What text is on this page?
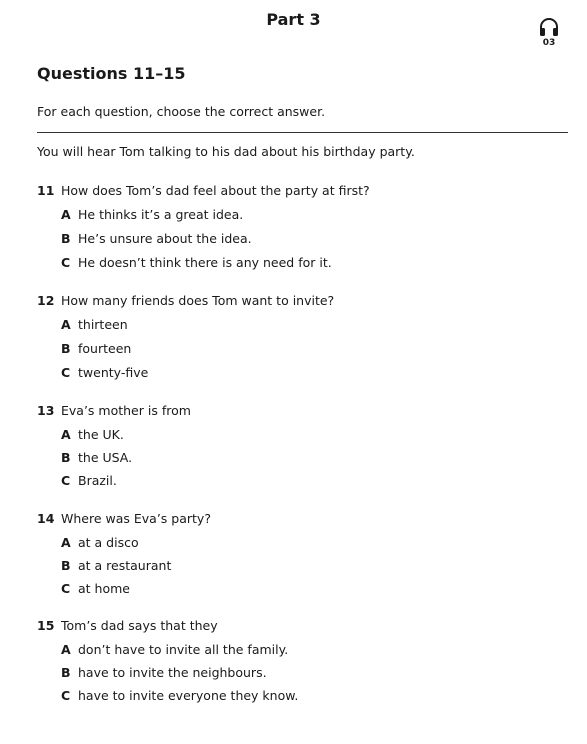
Part 3
03
Questions 11–15
For each question, choose the correct answer.
You will hear Tom talking to his dad about his birthday party.
11 How does Tom’s dad feel about the party at first?
A He thinks it’s a great idea.
B He’s unsure about the idea.
C He doesn’t think there is any need for it.
12 How many friends does Tom want to invite?
A thirteen
B fourteen
C twenty-five
13 Eva’s mother is from
A the UK.
B the USA.
C Brazil.
14 Where was Eva’s party?
A at a disco
B at a restaurant
C at home
15 Tom’s dad says that they
A don’t have to invite all the family.
B have to invite the neighbours.
C have to invite everyone they know.
